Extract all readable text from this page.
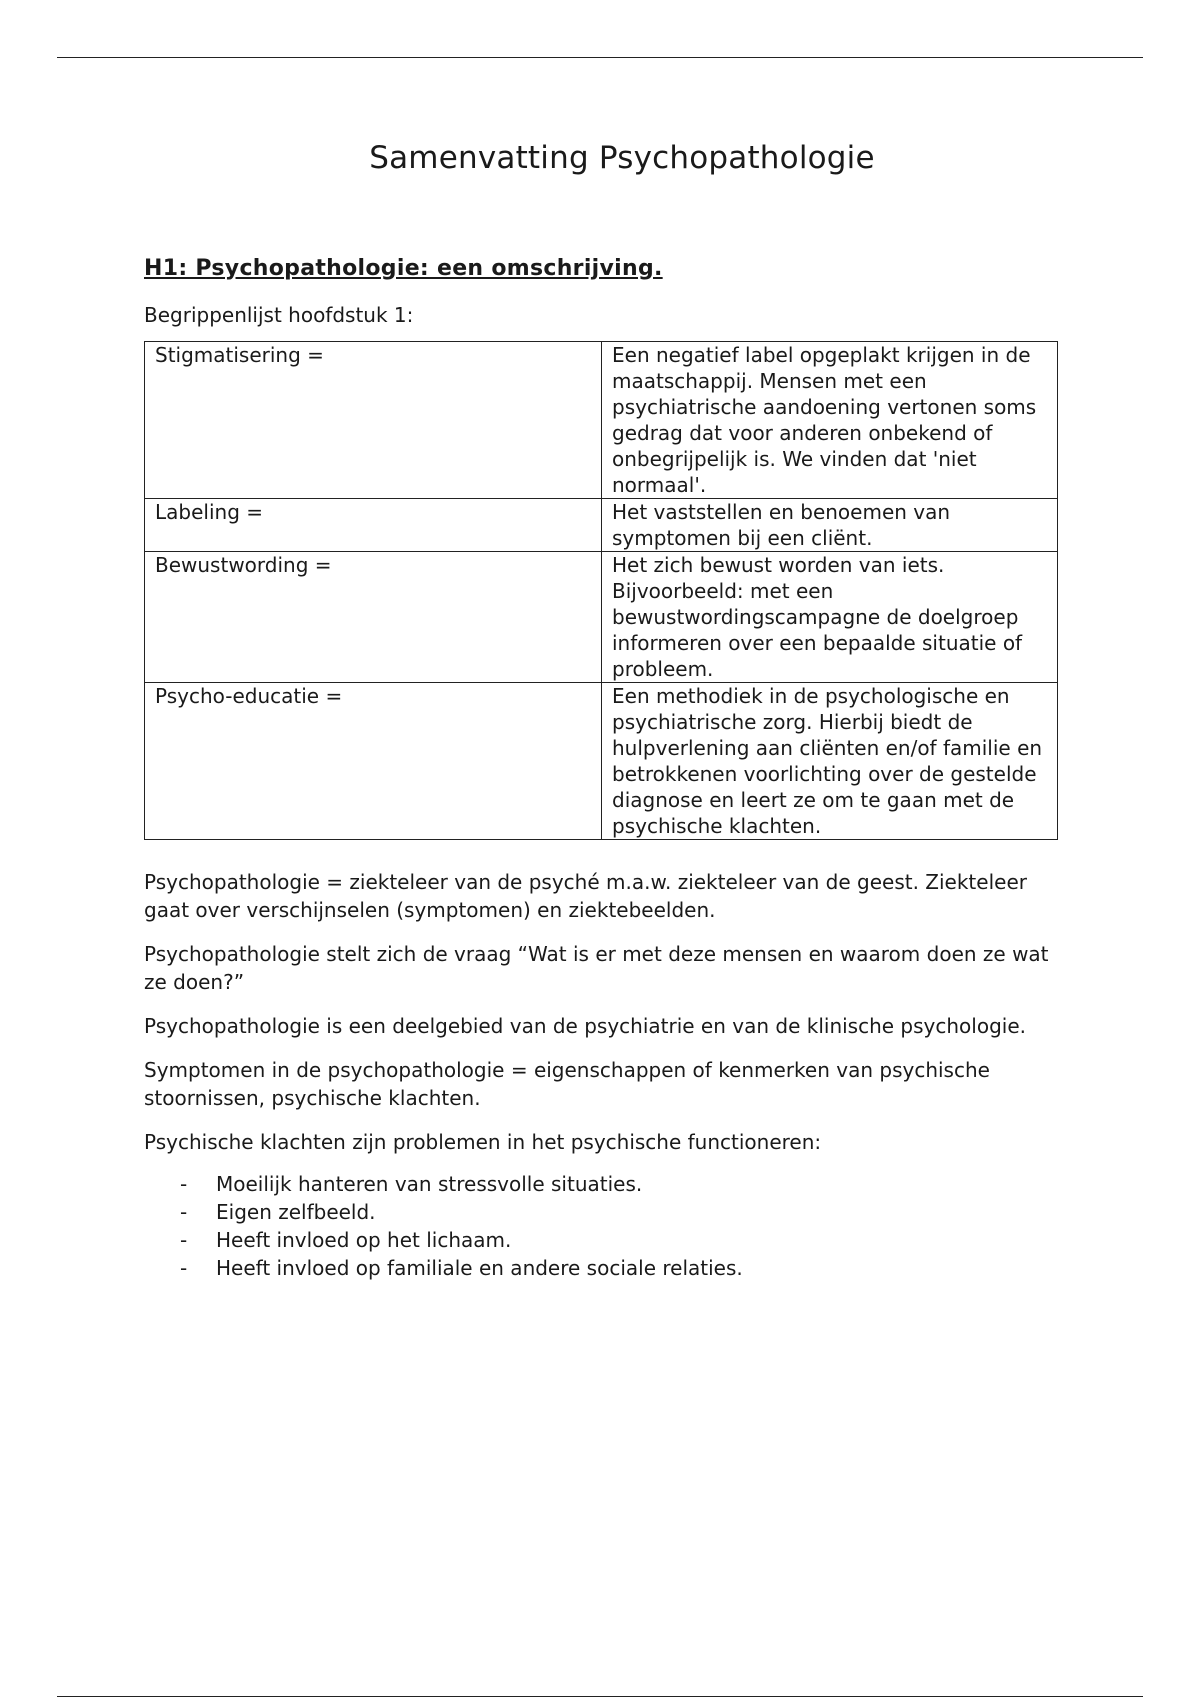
Samenvatting Psychopathologie
H1: Psychopathologie: een omschrijving.

Begrippenlijst hoofdstuk 1:

Stigmatisering =	Een negatief label opgeplakt krijgen in de maatschappij. Mensen met een psychiatrische aandoening vertonen soms gedrag dat voor anderen onbekend of onbegrijpelijk is. We vinden dat 'niet normaal'.
Labeling =	Het vaststellen en benoemen van symptomen bij een cliënt.
Bewustwording =	Het zich bewust worden van iets. Bijvoorbeeld: met een bewustwordingscampagne de doelgroep informeren over een bepaalde situatie of probleem.
Psycho-educatie =	Een methodiek in de psychologische en psychiatrische zorg. Hierbij biedt de hulpverlening aan cliënten en/of familie en betrokkenen voorlichting over de gestelde diagnose en leert ze om te gaan met de psychische klachten.

Psychopathologie = ziekteleer van de psyché m.a.w. ziekteleer van de geest. Ziekteleer gaat over verschijnselen (symptomen) en ziektebeelden.

Psychopathologie stelt zich de vraag “Wat is er met deze mensen en waarom doen ze wat ze doen?”

Psychopathologie is een deelgebied van de psychiatrie en van de klinische psychologie.

Symptomen in de psychopathologie = eigenschappen of kenmerken van psychische stoornissen, psychische klachten.

Psychische klachten zijn problemen in het psychische functioneren:

- Moeilijk hanteren van stressvolle situaties.
- Eigen zelfbeeld.
- Heeft invloed op het lichaam.
- Heeft invloed op familiale en andere sociale relaties.
